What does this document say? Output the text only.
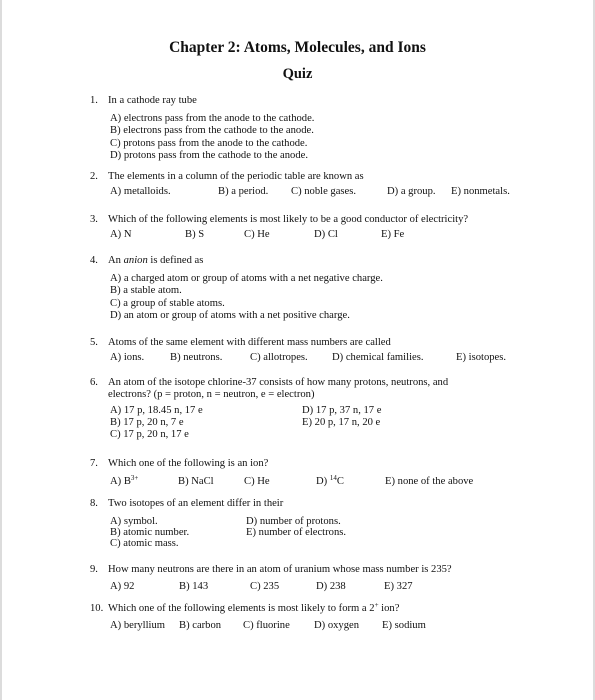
Chapter 2: Atoms, Molecules, and Ions
Quiz
1. In a cathode ray tube
A) electrons pass from the anode to the cathode.
B) electrons pass from the cathode to the anode.
C) protons pass from the anode to the cathode.
D) protons pass from the cathode to the anode.
2. The elements in a column of the periodic table are known as
A) metalloids.	B) a period. C) noble gases.	D) a group. E) nonmetals.
3. Which of the following elements is most likely to be a good conductor of electricity?
A) N	B) S	C) He	D) Cl	E) Fe
4. An anion is defined as
A) a charged atom or group of atoms with a net negative charge.
B) a stable atom.
C) a group of stable atoms.
D) an atom or group of atoms with a net positive charge.
5. Atoms of the same element with different mass numbers are called
A) ions. B) neutrons.	C) allotropes. D) chemical families.	E) isotopes.
6. An atom of the isotope chlorine-37 consists of how many protons, neutrons, and
electrons? (p = proton, n = neutron, e = electron)
A) 17 p, 18.45 n, 17 e
B) 17 p, 20 n, 7 e
C) 17 p, 20 n, 17 e
D) 17 p, 37 n, 17 e
E) 20 p, 17 n, 20 e
7. Which one of the following is an ion?
A) $B^{3+}$	B) NaCl	C) He	D) $^{14}$C	E) none of the above
8. Two isotopes of an element differ in their
A) symbol.
B) atomic number.
C) atomic mass.
D) number of protons.
E) number of electrons.
9. How many neutrons are there in an atom of uranium whose mass number is 235?
A) 92	B) 143	C) 235	D) 238	E) 327
10. Which one of the following elements is most likely to form a 2+ ion?
A) beryllium B) carbon C) fluorine D) oxygen E) sodium
